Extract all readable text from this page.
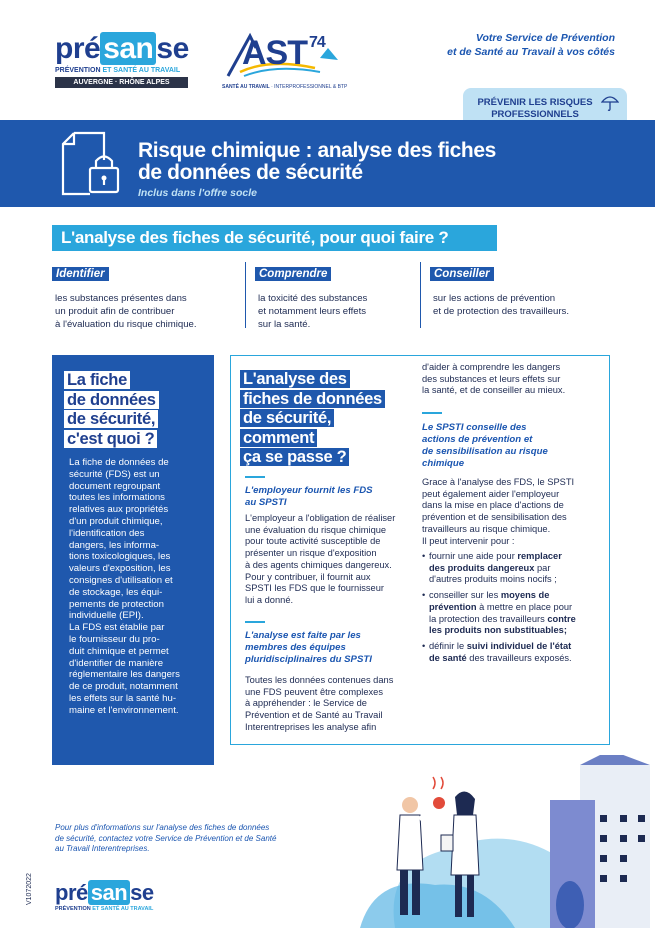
pré san se
PRÉVENTION ET SANTÉ AU TRAVAIL
AUVERGNE · RHÔNE ALPES
AST $^{74}$
SANTÉ AU TRAVAIL · INTERPROFESSIONNEL & BTP
Votre Service de Prévention
et de Santé au Travail à vos côtés
PRÉVENIR LES RISQUES
PROFESSIONNELS
Risque chimique : analyse des fiches
de données de sécurité
Inclus dans l'offre socle
L'analyse des fiches de sécurité, pour quoi faire ?
Identifier
les substances présentes dans
un produit afin de contribuer
à l'évaluation du risque chimique.
Comprendre
la toxicité des substances
et notamment leurs effets
sur la santé.
Conseiller
sur les actions de prévention
et de protection des travailleurs.
La fiche
de données
de sécurité,
c'est quoi ?
La fiche de données de
sécurité (FDS) est un
document regroupant
toutes les informations
relatives aux propriétés
d'un produit chimique,
l'identification des
dangers, les informa-
tions toxicologiques, les
valeurs d'exposition, les
consignes d'utilisation et
de stockage, les équi-
pements de protection
individuelle (EPI).
La FDS est établie par
le fournisseur du pro-
duit chimique et permet
d'identifier de manière
réglementaire les dangers
de ce produit, notamment
les effets sur la santé hu-
maine et l'environnement.
L'analyse des
fiches de données
de sécurité,
comment
ça se passe ?
L'employeur fournit les FDS
au SPSTI
L'employeur a l'obligation de réaliser
une évaluation du risque chimique
pour toute activité susceptible de
présenter un risque d'exposition
à des agents chimiques dangereux.
Pour y contribuer, il fournit aux
SPSTI les FDS que le fournisseur
lui a donné.
L'analyse est faite par les
membres des équipes
pluridisciplinaires du SPSTI
Toutes les données contenues dans
une FDS peuvent être complexes
à appréhender : le Service de
Prévention et de Santé au Travail
Interentreprises les analyse afin
d'aider à comprendre les dangers
des substances et leurs effets sur
la santé, et de conseiller au mieux.
Le SPSTI conseille des
actions de prévention et
de sensibilisation au risque
chimique
Grace à l'analyse des FDS, le SPSTI
peut également aider l'employeur
dans la mise en place d'actions de
prévention et de sensibilisation des
travailleurs au risque chimique.
Il peut intervenir pour :
• fournir une aide pour remplacer
des produits dangereux par
d'autres produits moins nocifs ;
• conseiller sur les moyens de
prévention à mettre en place pour
la protection des travailleurs contre
les produits non substituables;
• définir le suivi individuel de l'état
de santé des travailleurs exposés.
Pour plus d'informations sur l'analyse des fiches de données
de sécurité, contactez votre Service de Prévention et de Santé
au Travail Interentreprises.
V1072022 pré san se
PRÉVENTION ET SANTÉ AU TRAVAIL
